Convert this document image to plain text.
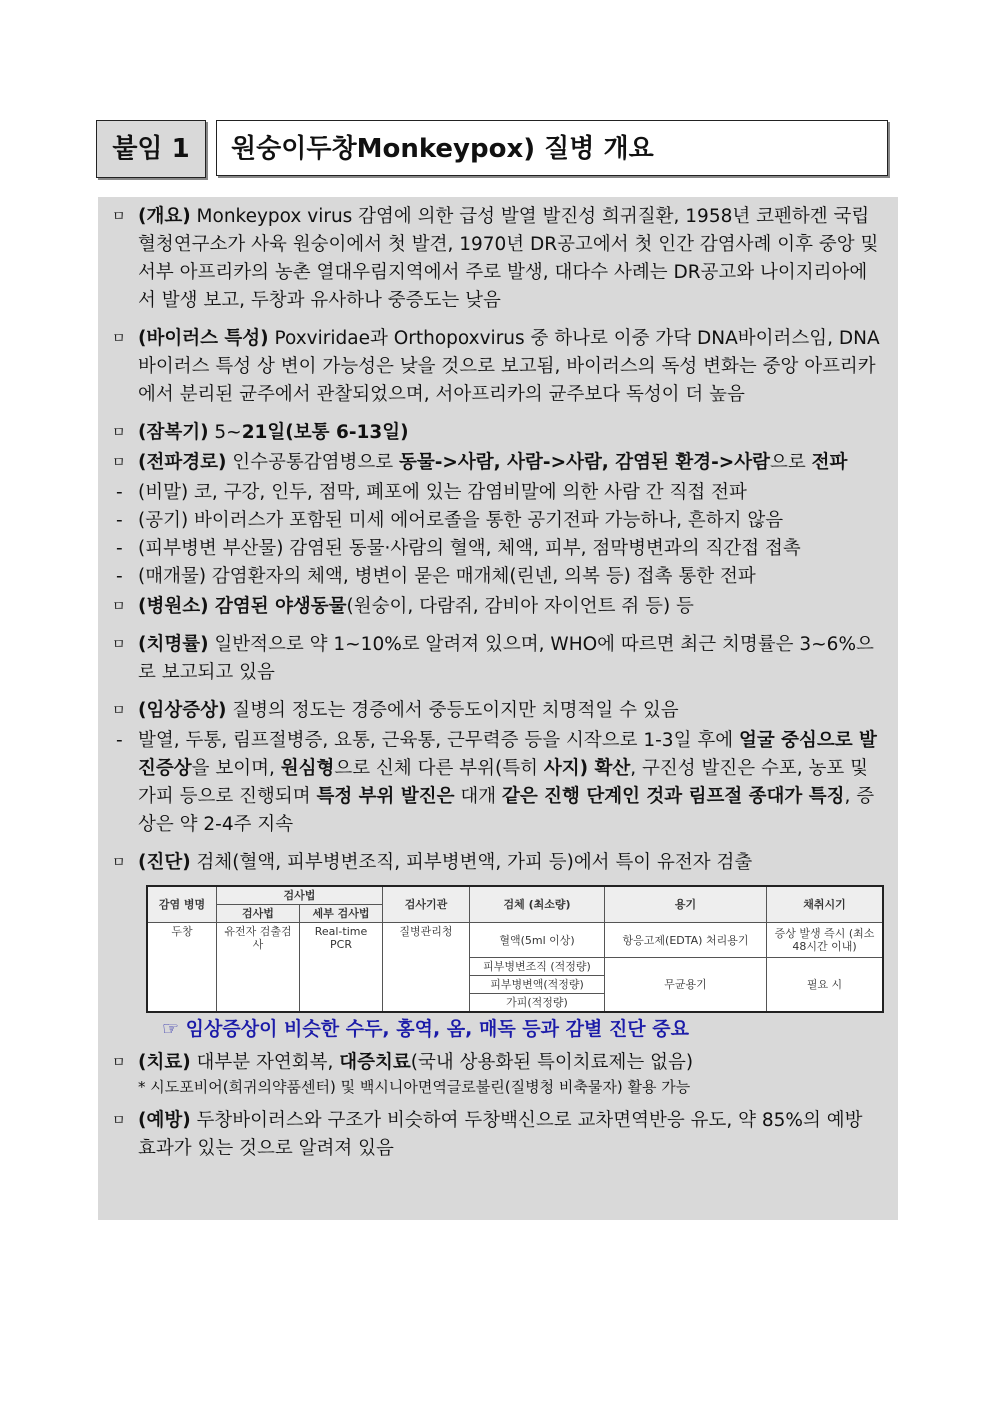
붙임 1	원숭이두창Monkeypox) 질병 개요
ㅁ (개요) Monkeypox virus 감염에 의한 급성 발열 발진성 희귀질환, 1958년 코펜하겐 국립혈청연구소가 사육 원숭이에서 첫 발견, 1970년 DR공고에서 첫 인간 감염사례 이후 중앙 및 서부 아프리카의 농촌 열대우림지역에서 주로 발생, 대다수 사례는 DR공고와 나이지리아에서 발생 보고, 두창과 유사하나 중증도는 낮음
ㅁ (바이러스 특성) Poxviridae과 Orthopoxvirus 중 하나로 이중 가닥 DNA바이러스임, DNA 바이러스 특성 상 변이 가능성은 낮을 것으로 보고됨, 바이러스의 독성 변화는 중앙 아프리카에서 분리된 균주에서 관찰되었으며, 서아프리카의 균주보다 독성이 더 높음
ㅁ (잠복기) 5~21일(보통 6-13일)
ㅁ (전파경로) 인수공통감염병으로 동물->사람, 사람->사람, 감염된 환경->사람으로 전파
- (비말) 코, 구강, 인두, 점막, 폐포에 있는 감염비말에 의한 사람 간 직접 전파
- (공기) 바이러스가 포함된 미세 에어로졸을 통한 공기전파 가능하나, 흔하지 않음
- (피부병변 부산물) 감염된 동물·사람의 혈액, 체액, 피부, 점막병변과의 직간접 접촉
- (매개물) 감염환자의 체액, 병변이 묻은 매개체(린넨, 의복 등) 접촉 통한 전파
ㅁ (병원소) 감염된 야생동물(원숭이, 다람쥐, 감비아 자이언트 쥐 등) 등
ㅁ (치명률) 일반적으로 약 1~10%로 알려져 있으며, WHO에 따르면 최근 치명률은 3~6%으로 보고되고 있음
ㅁ (임상증상) 질병의 정도는 경증에서 중등도이지만 치명적일 수 있음
- 발열, 두통, 림프절병증, 요통, 근육통, 근무력증 등을 시작으로 1-3일 후에 얼굴 중심으로 발진증상을 보이며, 원심형으로 신체 다른 부위(특히 사지) 확산, 구진성 발진은 수포, 농포 및 가피 등으로 진행되며 특정 부위 발진은 대개 같은 진행 단계인 것과 림프절 종대가 특징, 증상은 약 2-4주 지속
ㅁ (진단) 검체(혈액, 피부병변조직, 피부병변액, 가피 등)에서 특이 유전자 검출
감염 병명	검사법		검사기관	검체 (최소량)	용기	채취시기
	검사법	세부 검사법				
두창	유전자 검출검사	Real-time PCR	질병관리청	혈액(5ml 이상)	항응고제(EDTA) 처리용기	증상 발생 즉시 (최소 48시간 이내)
				피부병변조직 (적정량)	무균용기	필요 시
				피부병변액(적정량)		
				가피(적정량)		
☞ 임상증상이 비슷한 수두, 홍역, 옴, 매독 등과 감별 진단 중요
ㅁ (치료) 대부분 자연회복, 대증치료(국내 상용화된 특이치료제는 없음)
* 시도포비어(희귀의약품센터) 및 백시니아면역글로불린(질병청 비축물자) 활용 가능
ㅁ (예방) 두창바이러스와 구조가 비슷하여 두창백신으로 교차면역반응 유도, 약 85%의 예방 효과가 있는 것으로 알려져 있음
